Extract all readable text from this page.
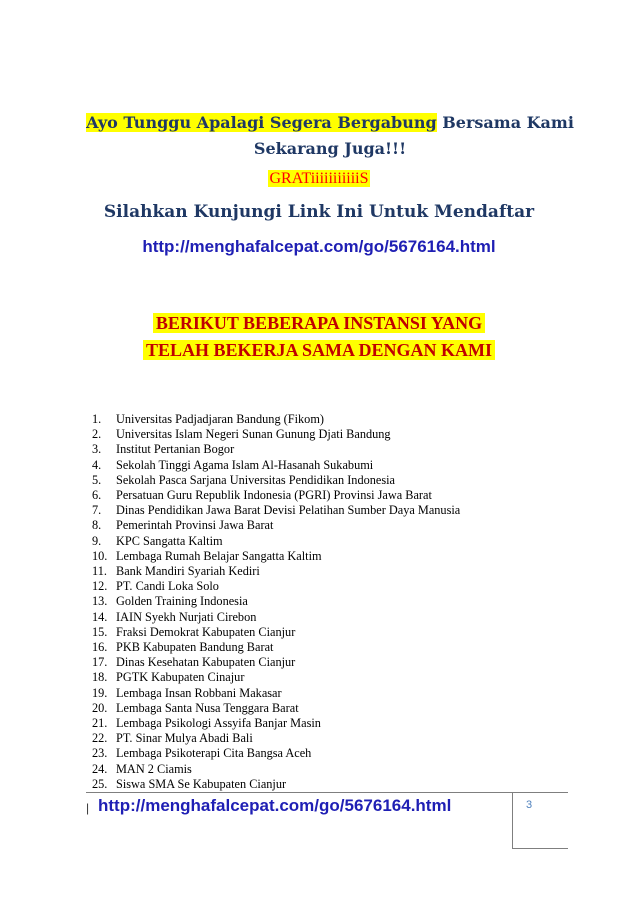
Ayo Tunggu Apalagi Segera Bergabung Bersama Kami Sekarang Juga!!!
GRATiiiiiiiiiiiS
Silahkan Kunjungi Link Ini Untuk Mendaftar
http://menghafalcepat.com/go/5676164.html
BERIKUT BEBERAPA INSTANSI YANG
TELAH BEKERJA SAMA DENGAN KAMI
1. Universitas Padjadjaran Bandung (Fikom)
2. Universitas Islam Negeri Sunan Gunung Djati Bandung
3. Institut Pertanian Bogor
4. Sekolah Tinggi Agama Islam Al-Hasanah Sukabumi
5. Sekolah Pasca Sarjana Universitas Pendidikan Indonesia
6. Persatuan Guru Republik Indonesia (PGRI) Provinsi Jawa Barat
7. Dinas Pendidikan Jawa Barat Devisi Pelatihan Sumber Daya Manusia
8. Pemerintah Provinsi Jawa Barat
9. KPC Sangatta Kaltim
10. Lembaga Rumah Belajar Sangatta Kaltim
11. Bank Mandiri Syariah Kediri
12. PT. Candi Loka Solo
13. Golden Training Indonesia
14. IAIN Syekh Nurjati Cirebon
15. Fraksi Demokrat Kabupaten Cianjur
16. PKB Kabupaten Bandung Barat
17. Dinas Kesehatan Kabupaten Cianjur
18. PGTK Kabupaten Cinajur
19. Lembaga Insan Robbani Makasar
20. Lembaga Santa Nusa Tenggara Barat
21. Lembaga Psikologi Assyifa Banjar Masin
22. PT. Sinar Mulya Abadi Bali
23. Lembaga Psikoterapi Cita Bangsa Aceh
24. MAN 2 Ciamis
25. Siswa SMA Se Kabupaten Cianjur
| http://menghafalcepat.com/go/5676164.html	3
